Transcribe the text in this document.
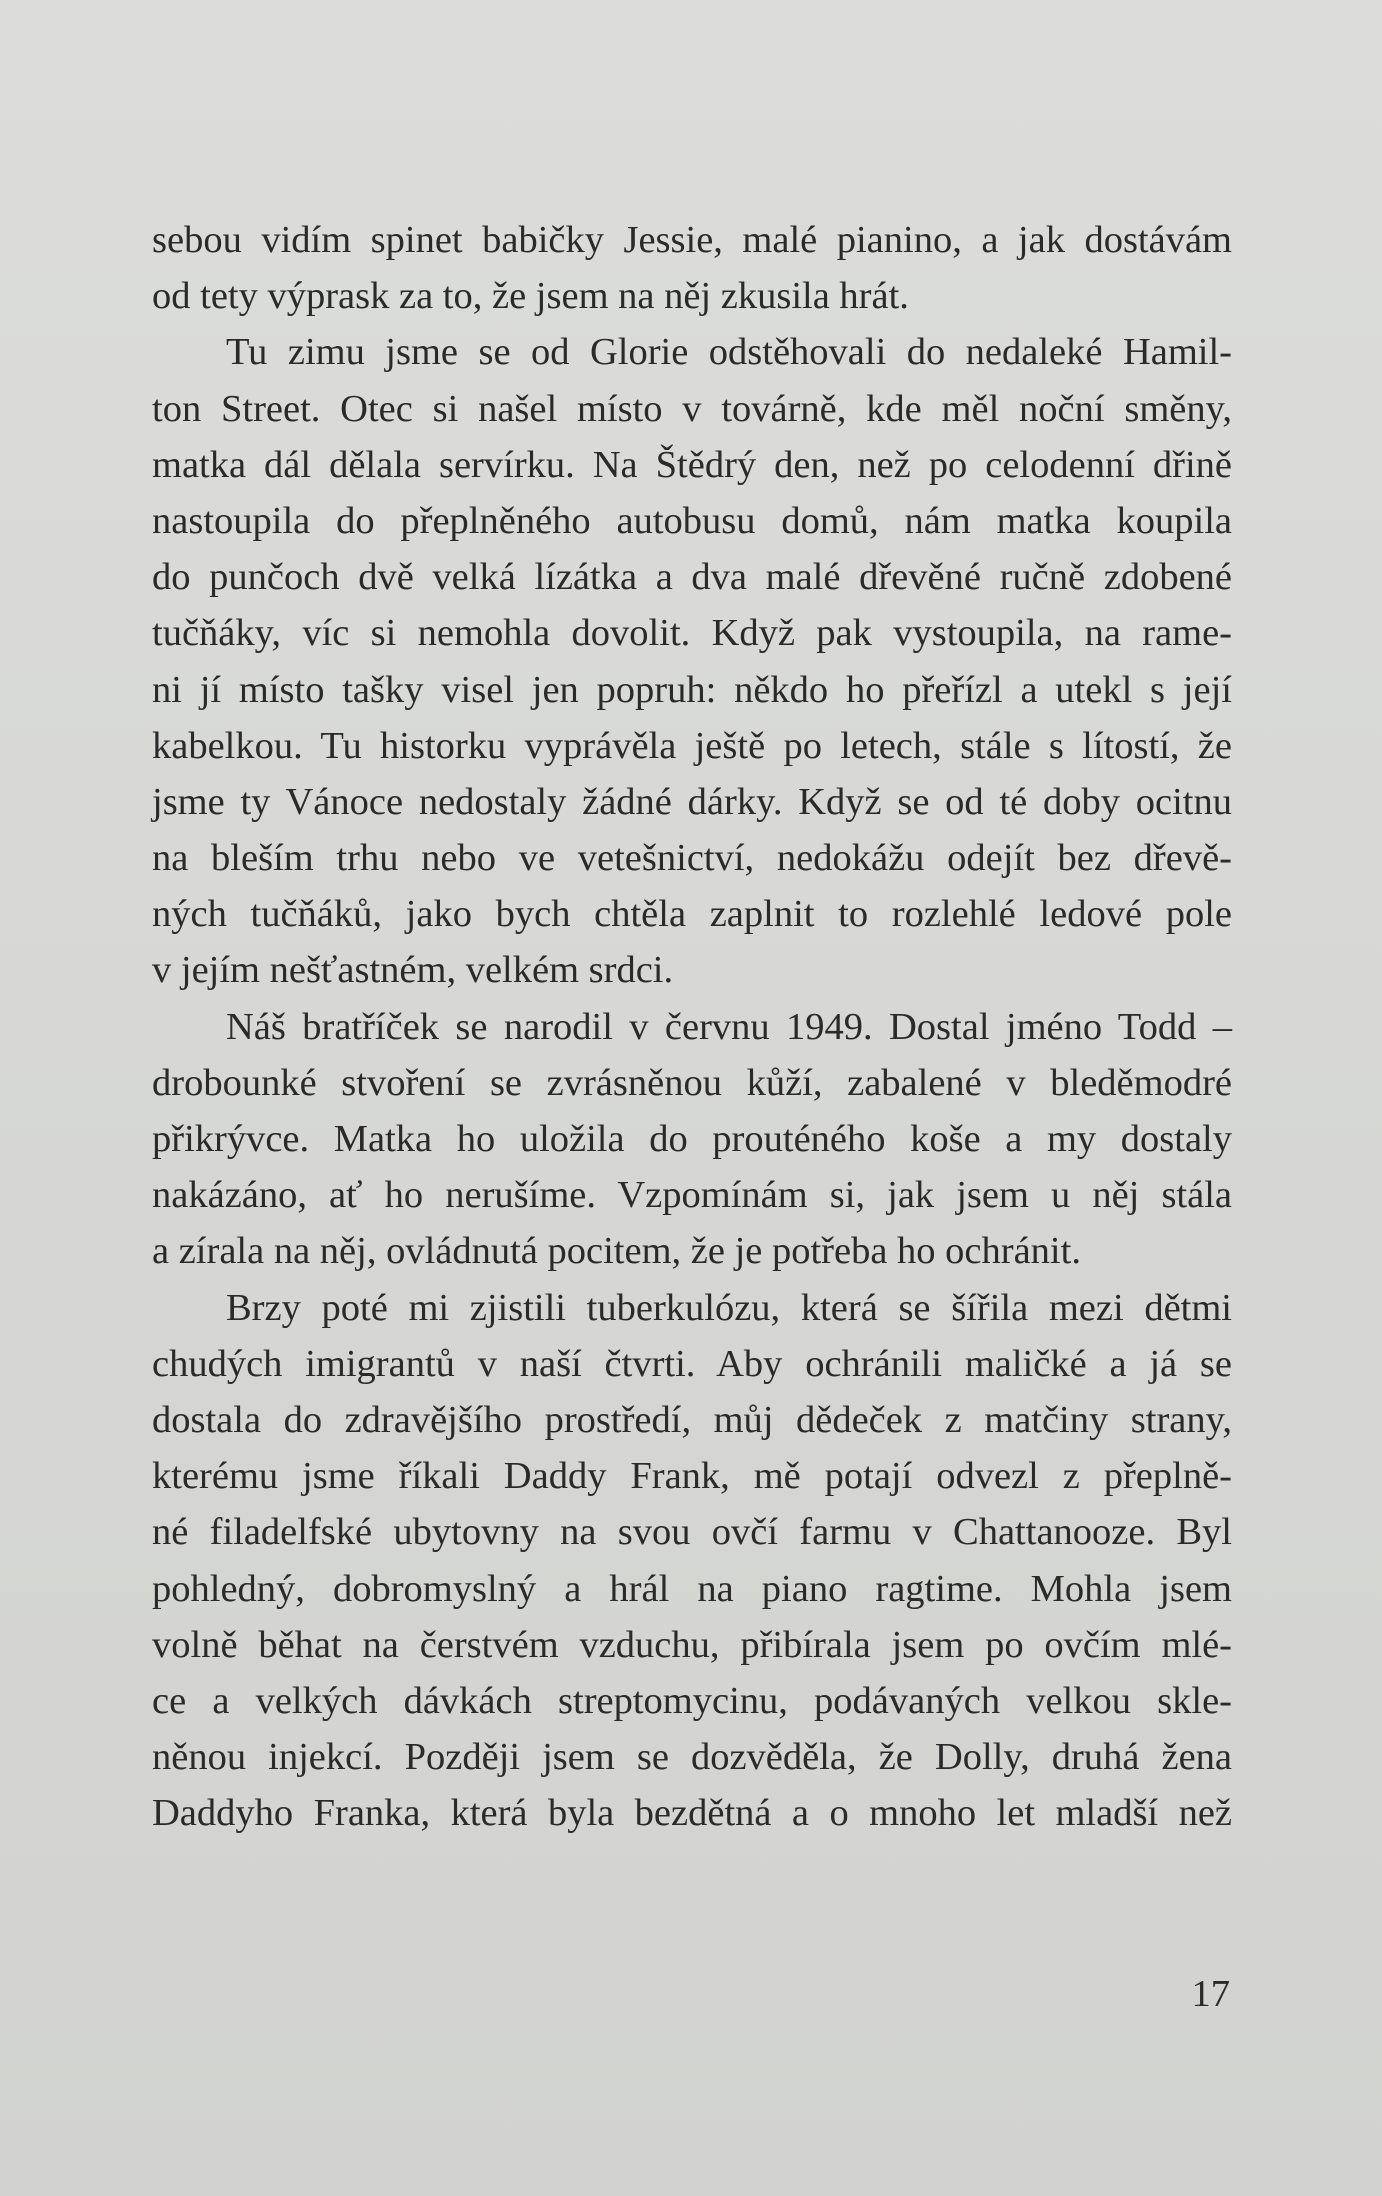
sebou vidím spinet babičky Jessie, malé pianino, a jak dostávám
od tety výprask za to, že jsem na něj zkusila hrát.
Tu zimu jsme se od Glorie odstěhovali do nedaleké Hamil-
ton Street. Otec si našel místo v továrně, kde měl noční směny,
matka dál dělala servírku. Na Štědrý den, než po celodenní dřině
nastoupila do přeplněného autobusu domů, nám matka koupila
do punčoch dvě velká lízátka a dva malé dřevěné ručně zdobené
tučňáky, víc si nemohla dovolit. Když pak vystoupila, na rame-
ni jí místo tašky visel jen popruh: někdo ho přeřízl a utekl s její
kabelkou. Tu historku vyprávěla ještě po letech, stále s lítostí, že
jsme ty Vánoce nedostaly žádné dárky. Když se od té doby ocitnu
na bleším trhu nebo ve vetešnictví, nedokážu odejít bez dřevě-
ných tučňáků, jako bych chtěla zaplnit to rozlehlé ledové pole
v jejím nešťastném, velkém srdci.
Náš bratříček se narodil v červnu 1949. Dostal jméno Todd –
drobounké stvoření se zvrásněnou kůží, zabalené v bleděmodré
přikrývce. Matka ho uložila do prouténého koše a my dostaly
nakázáno, ať ho nerušíme. Vzpomínám si, jak jsem u něj stála
a zírala na něj, ovládnutá pocitem, že je potřeba ho ochránit.
Brzy poté mi zjistili tuberkulózu, která se šířila mezi dětmi
chudých imigrantů v naší čtvrti. Aby ochránili maličké a já se
dostala do zdravějšího prostředí, můj dědeček z matčiny strany,
kterému jsme říkali Daddy Frank, mě potají odvezl z přeplně-
né filadelfské ubytovny na svou ovčí farmu v Chattanooze. Byl
pohledný, dobromyslný a hrál na piano ragtime. Mohla jsem
volně běhat na čerstvém vzduchu, přibírala jsem po ovčím mlé-
ce a velkých dávkách streptomycinu, podávaných velkou skle-
něnou injekcí. Později jsem se dozvěděla, že Dolly, druhá žena
Daddyho Franka, která byla bezdětná a o mnoho let mladší než
17
